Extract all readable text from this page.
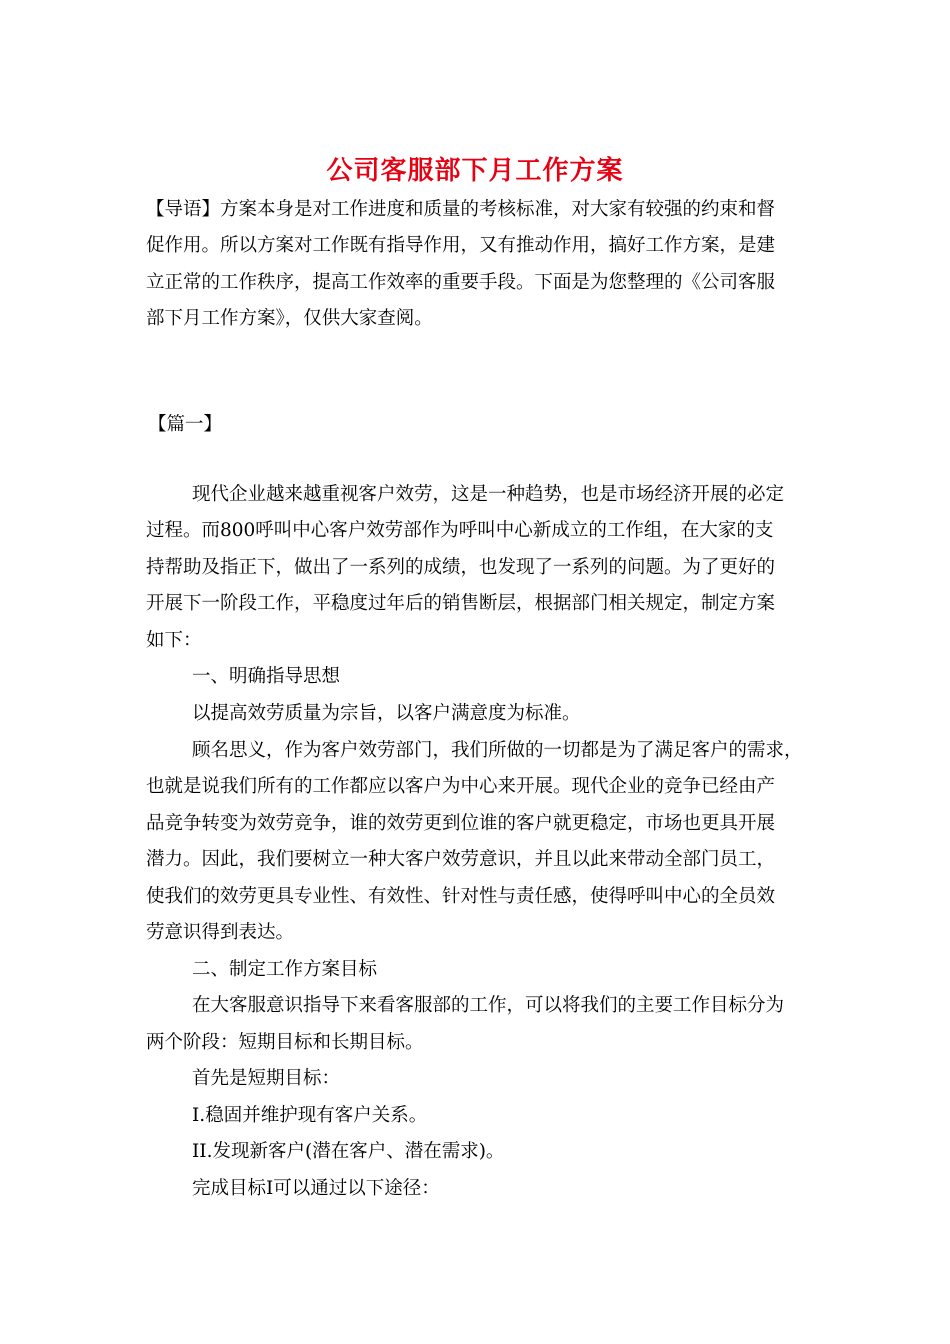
公司客服部下月工作方案
【导语】方案本身是对工作进度和质量的考核标准，对大家有较强的约束和督
促作用。所以方案对工作既有指导作用，又有推动作用，搞好工作方案，是建
立正常的工作秩序，提高工作效率的重要手段。下面是为您整理的《公司客服
部下月工作方案》，仅供大家查阅。
【篇一】
现代企业越来越重视客户效劳，这是一种趋势，也是市场经济开展的必定
过程。而800呼叫中心客户效劳部作为呼叫中心新成立的工作组，在大家的支
持帮助及指正下，做出了一系列的成绩，也发现了一系列的问题。为了更好的
开展下一阶段工作，平稳度过年后的销售断层，根据部门相关规定，制定方案
如下：
一、明确指导思想
以提高效劳质量为宗旨，以客户满意度为标准。
顾名思义，作为客户效劳部门，我们所做的一切都是为了满足客户的需求，
也就是说我们所有的工作都应以客户为中心来开展。现代企业的竞争已经由产
品竞争转变为效劳竞争，谁的效劳更到位谁的客户就更稳定，市场也更具开展
潜力。因此，我们要树立一种大客户效劳意识，并且以此来带动全部门员工，
使我们的效劳更具专业性、有效性、针对性与责任感，使得呼叫中心的全员效
劳意识得到表达。
二、制定工作方案目标
在大客服意识指导下来看客服部的工作，可以将我们的主要工作目标分为
两个阶段：短期目标和长期目标。
首先是短期目标：
I.稳固并维护现有客户关系。
II.发现新客户(潜在客户、潜在需求)。
完成目标I可以通过以下途径：
